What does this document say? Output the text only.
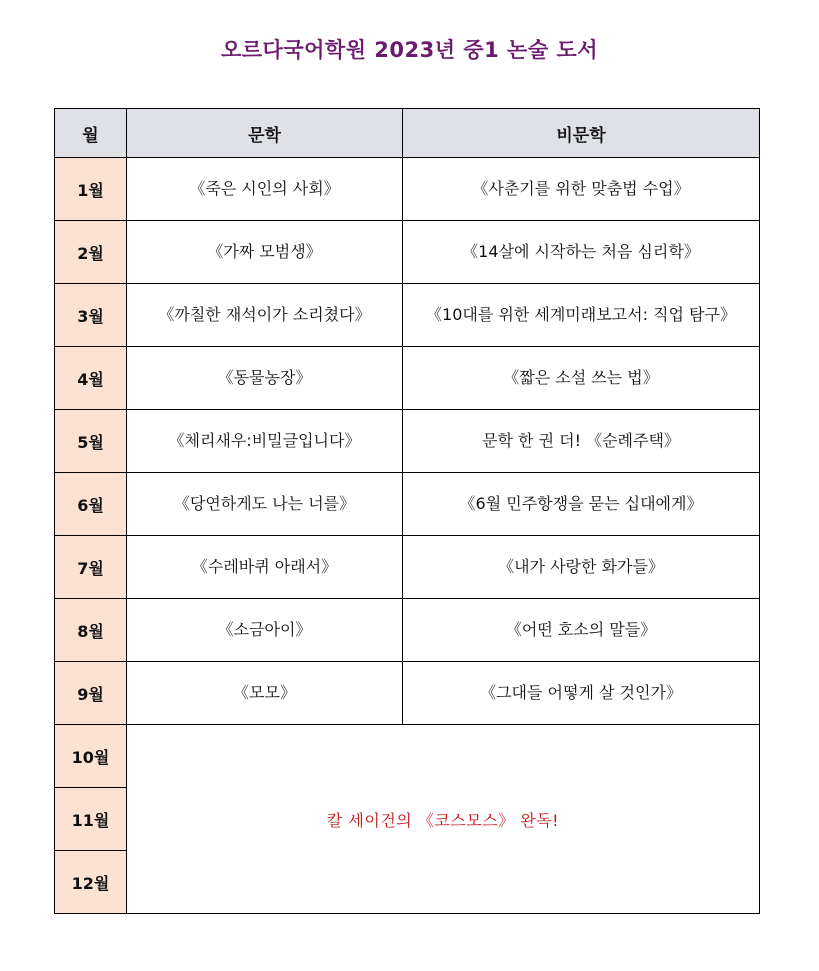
오르다국어학원 2023년 중1 논술 도서
월	문학	비문학
1월	《죽은 시인의 사회》	《사춘기를 위한 맞춤법 수업》
2월	《가짜 모범생》	《14살에 시작하는 처음 심리학》
3월	《까칠한 재석이가 소리쳤다》	《10대를 위한 세계미래보고서: 직업 탐구》
4월	《동물농장》	《짧은 소설 쓰는 법》
5월	《체리새우:비밀글입니다》	문학 한 권 더! 《순례주택》
6월	《당연하게도 나는 너를》	《6월 민주항쟁을 묻는 십대에게》
7월	《수레바퀴 아래서》	《내가 사랑한 화가들》
8월	《소금아이》	《어떤 호소의 말들》
9월	《모모》	《그대들 어떻게 살 것인가》
10월	칼 세이건의 《코스모스》 완독!	
11월		
12월		
